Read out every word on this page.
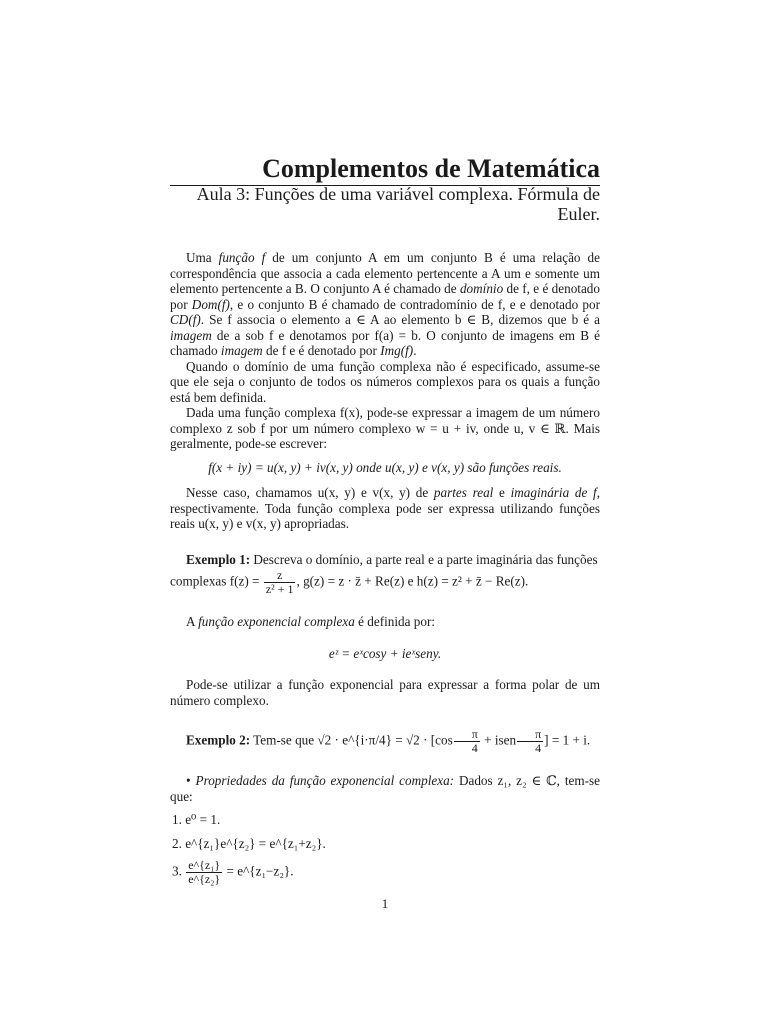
Complementos de Matemática
Aula 3: Funções de uma variável complexa. Fórmula de Euler.

Uma função f de um conjunto A em um conjunto B é uma relação de correspondência que associa a cada elemento pertencente a A um e somente um elemento pertencente a B. O conjunto A é chamado de domínio de f, e é denotado por Dom(f), e o conjunto B é chamado de contradomínio de f, e e denotado por CD(f). Se f associa o elemento a ∈ A ao elemento b ∈ B, dizemos que b é a imagem de a sob f e denotamos por f(a) = b. O conjunto de imagens em B é chamado imagem de f e é denotado por Img(f).

Quando o domínio de uma função complexa não é especificado, assume-se que ele seja o conjunto de todos os números complexos para os quais a função está bem definida.

Dada uma função complexa f(x), pode-se expressar a imagem de um número complexo z sob f por um número complexo w = u + iv, onde u, v ∈ ℝ. Mais geralmente, pode-se escrever:

f(x + iy) = u(x, y) + iv(x, y) onde u(x, y) e v(x, y) são funções reais.

Nesse caso, chamamos u(x, y) e v(x, y) de partes real e imaginária de f, respectivamente. Toda função complexa pode ser expressa utilizando funções reais u(x, y) e v(x, y) apropriadas.

Exemplo 1: Descreva o domínio, a parte real e a parte imaginária das funções

complexas $f(z) = \frac{z}{\text{z² + 1}}$ , g(z) = z · z̄ + Re(z) e h(z) = z² + z̄ − Re(z).

A função exponencial complexa é definida por:

eᶻ = eˣcosy + ieˣseny.

Pode-se utilizar a função exponencial para expressar a forma polar de um número complexo.

Exemplo 2: Tem-se que √2 · e^{i·π/4} = $√2 \cdot [\cos \frac{\pi}{4}$ + isen $\frac{\pi}{4}$ ] = 1 + i.

• Propriedades da função exponencial complexa: Dados z₁, z₂ ∈ ℂ, tem-se que:

1. e⁰ = 1.
2. e^{z₁}e^{z₂} = e^{z₁+z₂}.
3. $\frac{\text{e\textasciicircum{}\{z₁\}}}{\text{e\textasciicircum{}\{z₂\}}}$ = e^{z₁−z₂}.
1
